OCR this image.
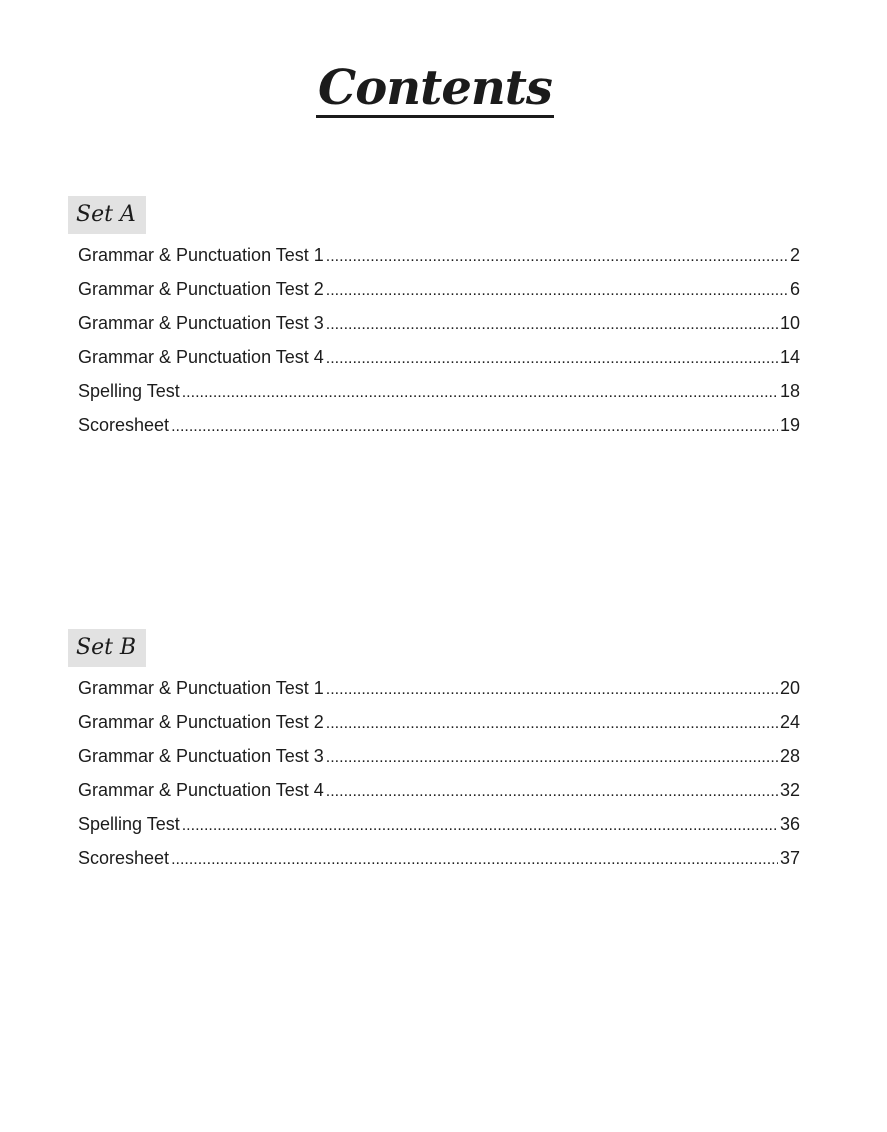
Contents
Set A
Grammar & Punctuation Test 1 .....	2
Grammar & Punctuation Test 2 .....	6
Grammar & Punctuation Test 3 .....	10
Grammar & Punctuation Test 4 .....	14
Spelling Test .....	18
Scoresheet .....	19
Set B
Grammar & Punctuation Test 1 .....	20
Grammar & Punctuation Test 2 .....	24
Grammar & Punctuation Test 3 .....	28
Grammar & Punctuation Test 4 .....	32
Spelling Test .....	36
Scoresheet .....	37
